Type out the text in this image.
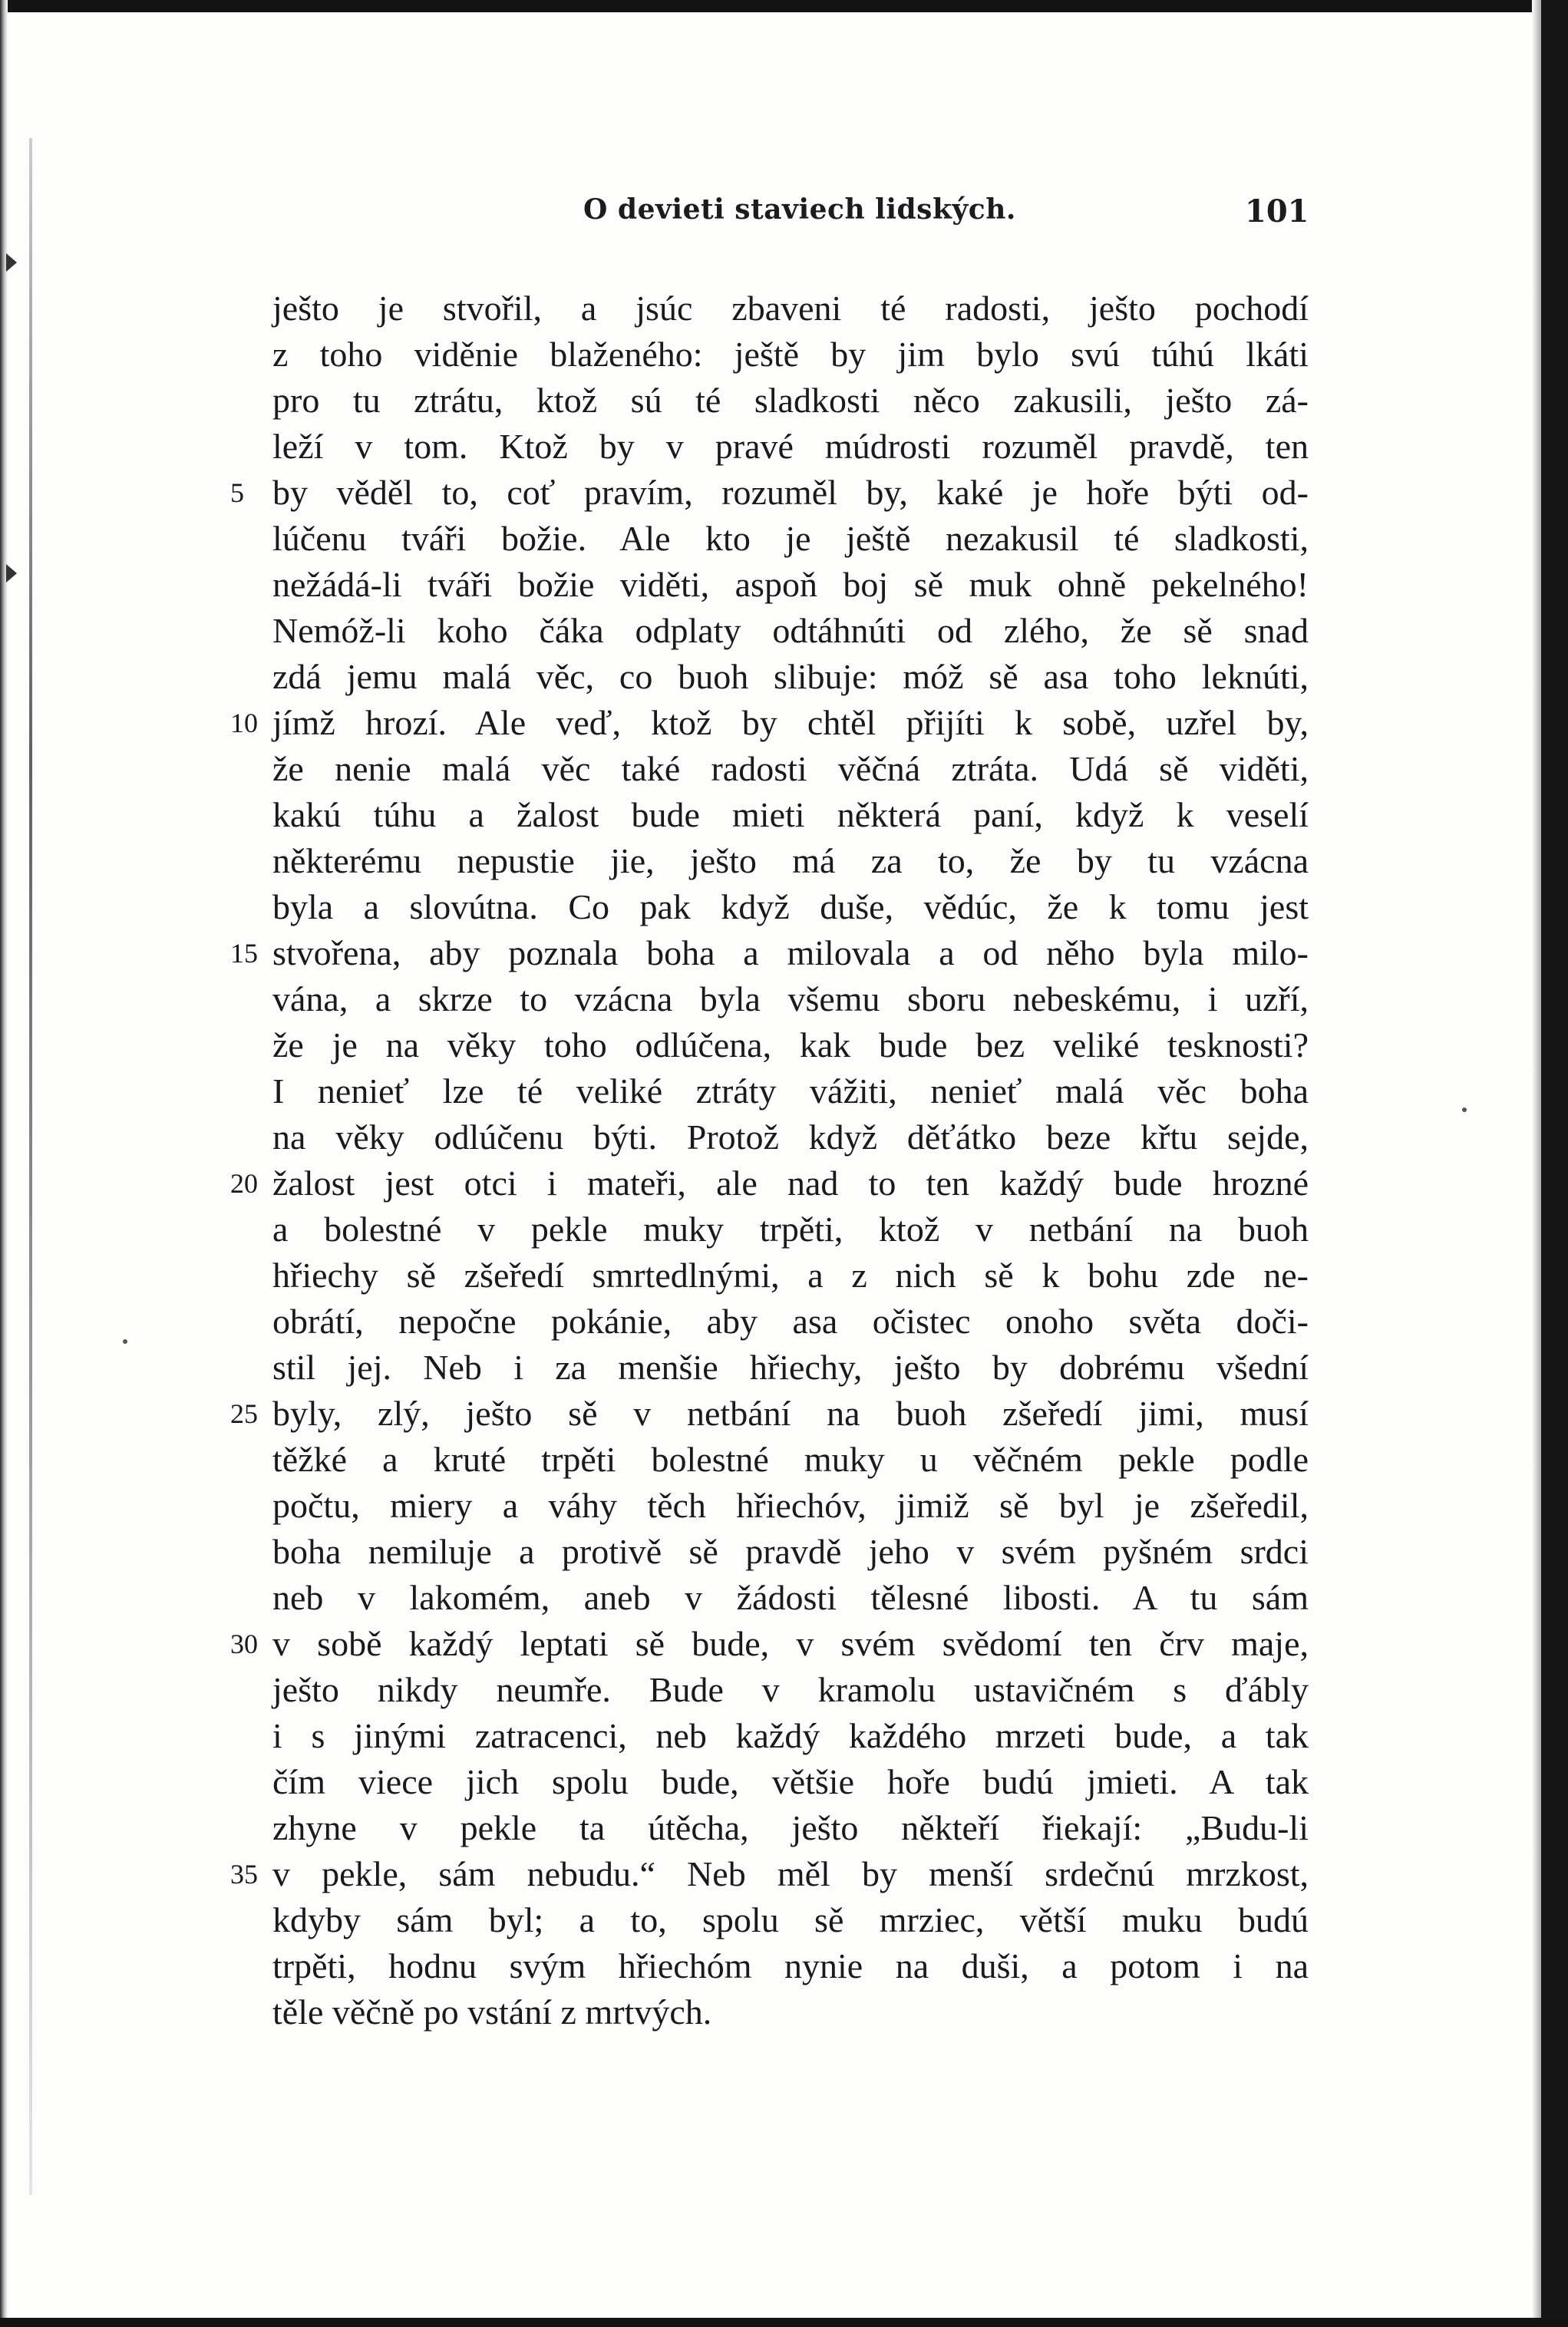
O devieti staviech lidských.	101
ješto je stvořil, a jsúc zbaveni té radosti, ješto pochodí
z toho viděnie blaženého: ještě by jim bylo svú túhú lkáti
pro tu ztrátu, ktož sú té sladkosti něco zakusili, ješto zá-
leží v tom. Ktož by v pravé múdrosti rozuměl pravdě, ten
5 by věděl to, coť pravím, rozuměl by, kaké je hoře býti od-
lúčenu tváři božie. Ale kto je ještě nezakusil té sladkosti,
nežádá-li tváři božie viděti, aspoň boj sě muk ohně pekelného!
Nemóž-li koho čáka odplaty odtáhnúti od zlého, že sě snad
zdá jemu malá věc, co buoh slibuje: móž sě asa toho leknúti,
10 jímž hrozí. Ale veď, ktož by chtěl přijíti k sobě, uzřel by,
že nenie malá věc také radosti věčná ztráta. Udá sě viděti,
kakú túhu a žalost bude mieti některá paní, když k veselí
některému nepustie jie, ješto má za to, že by tu vzácna
byla a slovútna. Co pak když duše, vědúc, že k tomu jest
15 stvořena, aby poznala boha a milovala a od něho byla milo-
vána, a skrze to vzácna byla všemu sboru nebeskému, i uzří,
že je na věky toho odlúčena, kak bude bez veliké tesknosti?
I nenieť lze té veliké ztráty vážiti, nenieť malá věc boha
na věky odlúčenu býti. Protož když děťátko beze křtu sejde,
20 žalost jest otci i mateři, ale nad to ten každý bude hrozné
a bolestné v pekle muky trpěti, ktož v netbání na buoh
hřiechy sě zšeředí smrtedlnými, a z nich sě k bohu zde ne-
obrátí, nepočne pokánie, aby asa očistec onoho světa doči-
stil jej. Neb i za menšie hřiechy, ješto by dobrému všední
25 byly, zlý, ješto sě v netbání na buoh zšeředí jimi, musí
těžké a kruté trpěti bolestné muky u věčném pekle podle
počtu, miery a váhy těch hřiechóv, jimiž sě byl je zšeředil,
boha nemiluje a protivě sě pravdě jeho v svém pyšném srdci
neb v lakomém, aneb v žádosti tělesné libosti. A tu sám
30 v sobě každý leptati sě bude, v svém svědomí ten črv maje,
ješto nikdy neumře. Bude v kramolu ustavičném s ďábly
i s jinými zatracenci, neb každý každého mrzeti bude, a tak
čím viece jich spolu bude, většie hoře budú jmieti. A tak
zhyne v pekle ta útěcha, ješto někteří řiekají: „Budu-li
35 v pekle, sám nebudu.“ Neb měl by menší srdečnú mrzkost,
kdyby sám byl; a to, spolu sě mrziec, větší muku budú
trpěti, hodnu svým hřiechóm nynie na duši, a potom i na
těle věčně po vstání z mrtvých.
